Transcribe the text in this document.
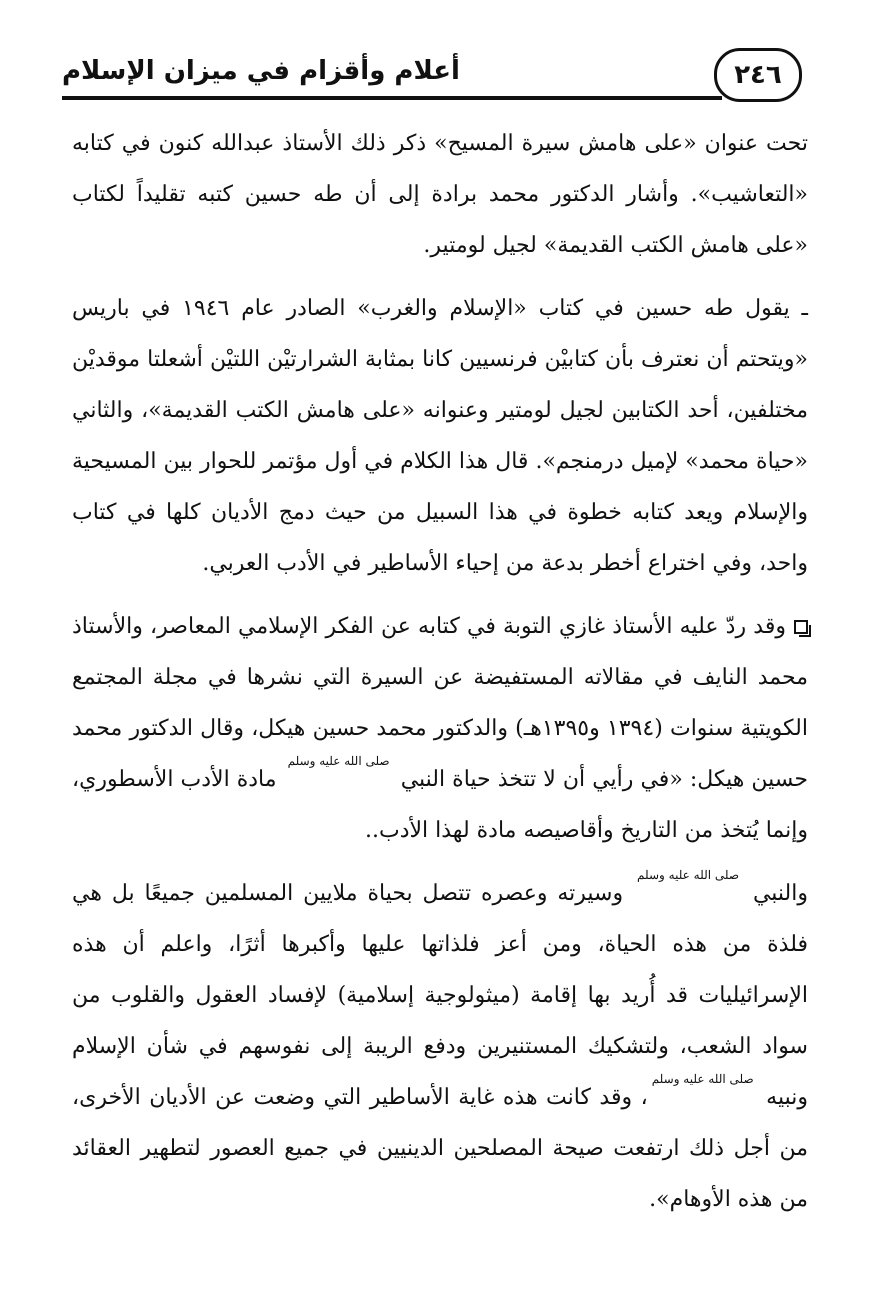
أعلام وأقزام في ميزان الإسلام	٢٤٦

تحت عنوان «على هامش سيرة المسيح» ذكر ذلك الأستاذ عبدالله كنون في كتابه «التعاشيب». وأشار الدكتور محمد برادة إلى أن طه حسين كتبه تقليداً لكتاب «على هامش الكتب القديمة» لجيل لومتير.

ـ يقول طه حسين في كتاب «الإسلام والغرب» الصادر عام ١٩٤٦ في باريس «ويتحتم أن نعترف بأن كتابيْن فرنسيين كانا بمثابة الشرارتيْن اللتيْن أشعلتا موقديْن مختلفين، أحد الكتابين لجيل لومتير وعنوانه «على هامش الكتب القديمة»، والثاني «حياة محمد» لإميل درمنجم». قال هذا الكلام في أول مؤتمر للحوار بين المسيحية والإسلام ويعد كتابه خطوة في هذا السبيل من حيث دمج الأديان كلها في كتاب واحد، وفي اختراع أخطر بدعة من إحياء الأساطير في الأدب العربي.

وقد ردّ عليه الأستاذ غازي التوبة في كتابه عن الفكر الإسلامي المعاصر، والأستاذ محمد النايف في مقالاته المستفيضة عن السيرة التي نشرها في مجلة المجتمع الكويتية سنوات (١٣٩٤ و١٣٩٥هـ) والدكتور محمد حسين هيكل، وقال الدكتور محمد حسين هيكل: «في رأيي أن لا تتخذ حياة النبي صلى الله عليه وسلم مادة الأدب الأسطوري، وإنما يُتخذ من التاريخ وأقاصيصه مادة لهذا الأدب..

والنبي صلى الله عليه وسلم وسيرته وعصره تتصل بحياة ملايين المسلمين جميعًا بل هي فلذة من هذه الحياة، ومن أعز فلذاتها عليها وأكبرها أثرًا، واعلم أن هذه الإسرائيليات قد أُريد بها إقامة (ميثولوجية إسلامية) لإفساد العقول والقلوب من سواد الشعب، ولتشكيك المستنيرين ودفع الريبة إلى نفوسهم في شأن الإسلام ونبيه صلى الله عليه وسلم، وقد كانت هذه غاية الأساطير التي وضعت عن الأديان الأخرى، من أجل ذلك ارتفعت صيحة المصلحين الدينيين في جميع العصور لتطهير العقائد من هذه الأوهام».
